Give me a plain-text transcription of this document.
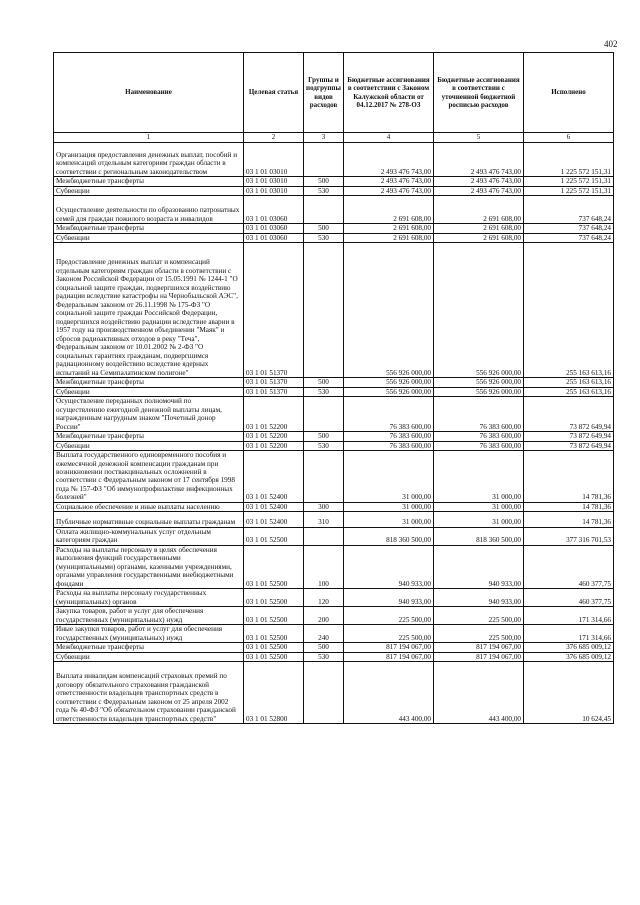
402
Наименование	Целевая статья	Группы и подгруппы видов расходов	Бюджетные ассигнования в соответствии с Законом Калужской области от 04.12.2017 № 278-ОЗ	Бюджетные ассигнования в соответствии с уточненной бюджетной росписью расходов	Исполнено
1	2	3	4	5	6
Организация предоставления денежных выплат, пособий и компенсаций отдельным категориям граждан области в соответствии с региональным законодательством	03 1 01 03010		2 493 476 743,00	2 493 476 743,00	1 225 572 151,31
Межбюджетные трансферты	03 1 01 03010	500	2 493 476 743,00	2 493 476 743,00	1 225 572 151,31
Субвенции	03 1 01 03010	530	2 493 476 743,00	2 493 476 743,00	1 225 572 151,31
Осуществление деятельности по образованию патронатных семей для граждан пожилого возраста и инвалидов	03 1 01 03060		2 691 608,00	2 691 608,00	737 648,24
Межбюджетные трансферты	03 1 01 03060	500	2 691 608,00	2 691 608,00	737 648,24
Субвенции	03 1 01 03060	530	2 691 608,00	2 691 608,00	737 648,24
Предоставление денежных выплат и компенсаций отдельным категориям граждан области в соответствии с Законом Российской Федерации от 15.05.1991 № 1244-1 "О социальной защите граждан, подвергшихся воздействию радиации вследствие катастрофы на Чернобыльской АЭС", Федеральным законом от 26.11.1998 № 175-ФЗ "О социальной защите граждан Российской Федерации, подвергшихся воздействию радиации вследствие аварии в 1957 году на производственном объединении "Маяк" и сбросов радиоактивных отходов в реку "Теча", Федеральным законом от 10.01.2002 № 2-ФЗ "О социальных гарантиях гражданам, подвергшимся радиационному воздействию вследствие ядерных испытаний на Семипалатинском полигоне"	03 1 01 51370		556 926 000,00	556 926 000,00	255 163 613,16
Межбюджетные трансферты	03 1 01 51370	500	556 926 000,00	556 926 000,00	255 163 613,16
Субвенции	03 1 01 51370	530	556 926 000,00	556 926 000,00	255 163 613,16
Осуществление переданных полномочий по осуществлению ежегодной денежной выплаты лицам, награжденным нагрудным знаком "Почетный донор России"	03 1 01 52200		76 383 600,00	76 383 600,00	73 872 649,94
Межбюджетные трансферты	03 1 01 52200	500	76 383 600,00	76 383 600,00	73 872 649,94
Субвенции	03 1 01 52200	530	76 383 600,00	76 383 600,00	73 872 649,94
Выплата государственного единовременного пособия и ежемесячной денежной компенсации гражданам при возникновении поствакцинальных осложнений в соответствии с Федеральным законом от 17 сентября 1998 года № 157-ФЗ "Об иммунопрофилактике инфекционных болезней"	03 1 01 52400		31 000,00	31 000,00	14 781,36
Социальное обеспечение и иные выплаты населению	03 1 01 52400	300	31 000,00	31 000,00	14 781,36
Публичные нормативные социальные выплаты гражданам	03 1 01 52400	310	31 000,00	31 000,00	14 781,36
Оплата жилищно-коммунальных услуг отдельным категориям граждан	03 1 01 52500		818 360 500,00	818 360 500,00	377 316 701,53
Расходы на выплаты персоналу в целях обеспечения выполнения функций государственными (муниципальными) органами, казенными учреждениями, органами управления государственными внебюджетными фондами	03 1 01 52500	100	940 933,00	940 933,00	460 377,75
Расходы на выплаты персоналу государственных (муниципальных) органов	03 1 01 52500	120	940 933,00	940 933,00	460 377,75
Закупка товаров, работ и услуг для обеспечения государственных (муниципальных) нужд	03 1 01 52500	200	225 500,00	225 500,00	171 314,66
Иные закупки товаров, работ и услуг для обеспечения государственных (муниципальных) нужд	03 1 01 52500	240	225 500,00	225 500,00	171 314,66
Межбюджетные трансферты	03 1 01 52500	500	817 194 067,00	817 194 067,00	376 685 009,12
Субвенции	03 1 01 52500	530	817 194 067,00	817 194 067,00	376 685 009,12
Выплата инвалидам компенсаций страховых премий по договору обязательного страхования гражданской ответственности владельцев транспортных средств в соответствии с Федеральным законом от 25 апреля 2002 года № 40-ФЗ "Об обязательном страховании гражданской ответственности владельцев транспортных средств"	03 1 01 52800		443 400,00	443 400,00	10 624,45
